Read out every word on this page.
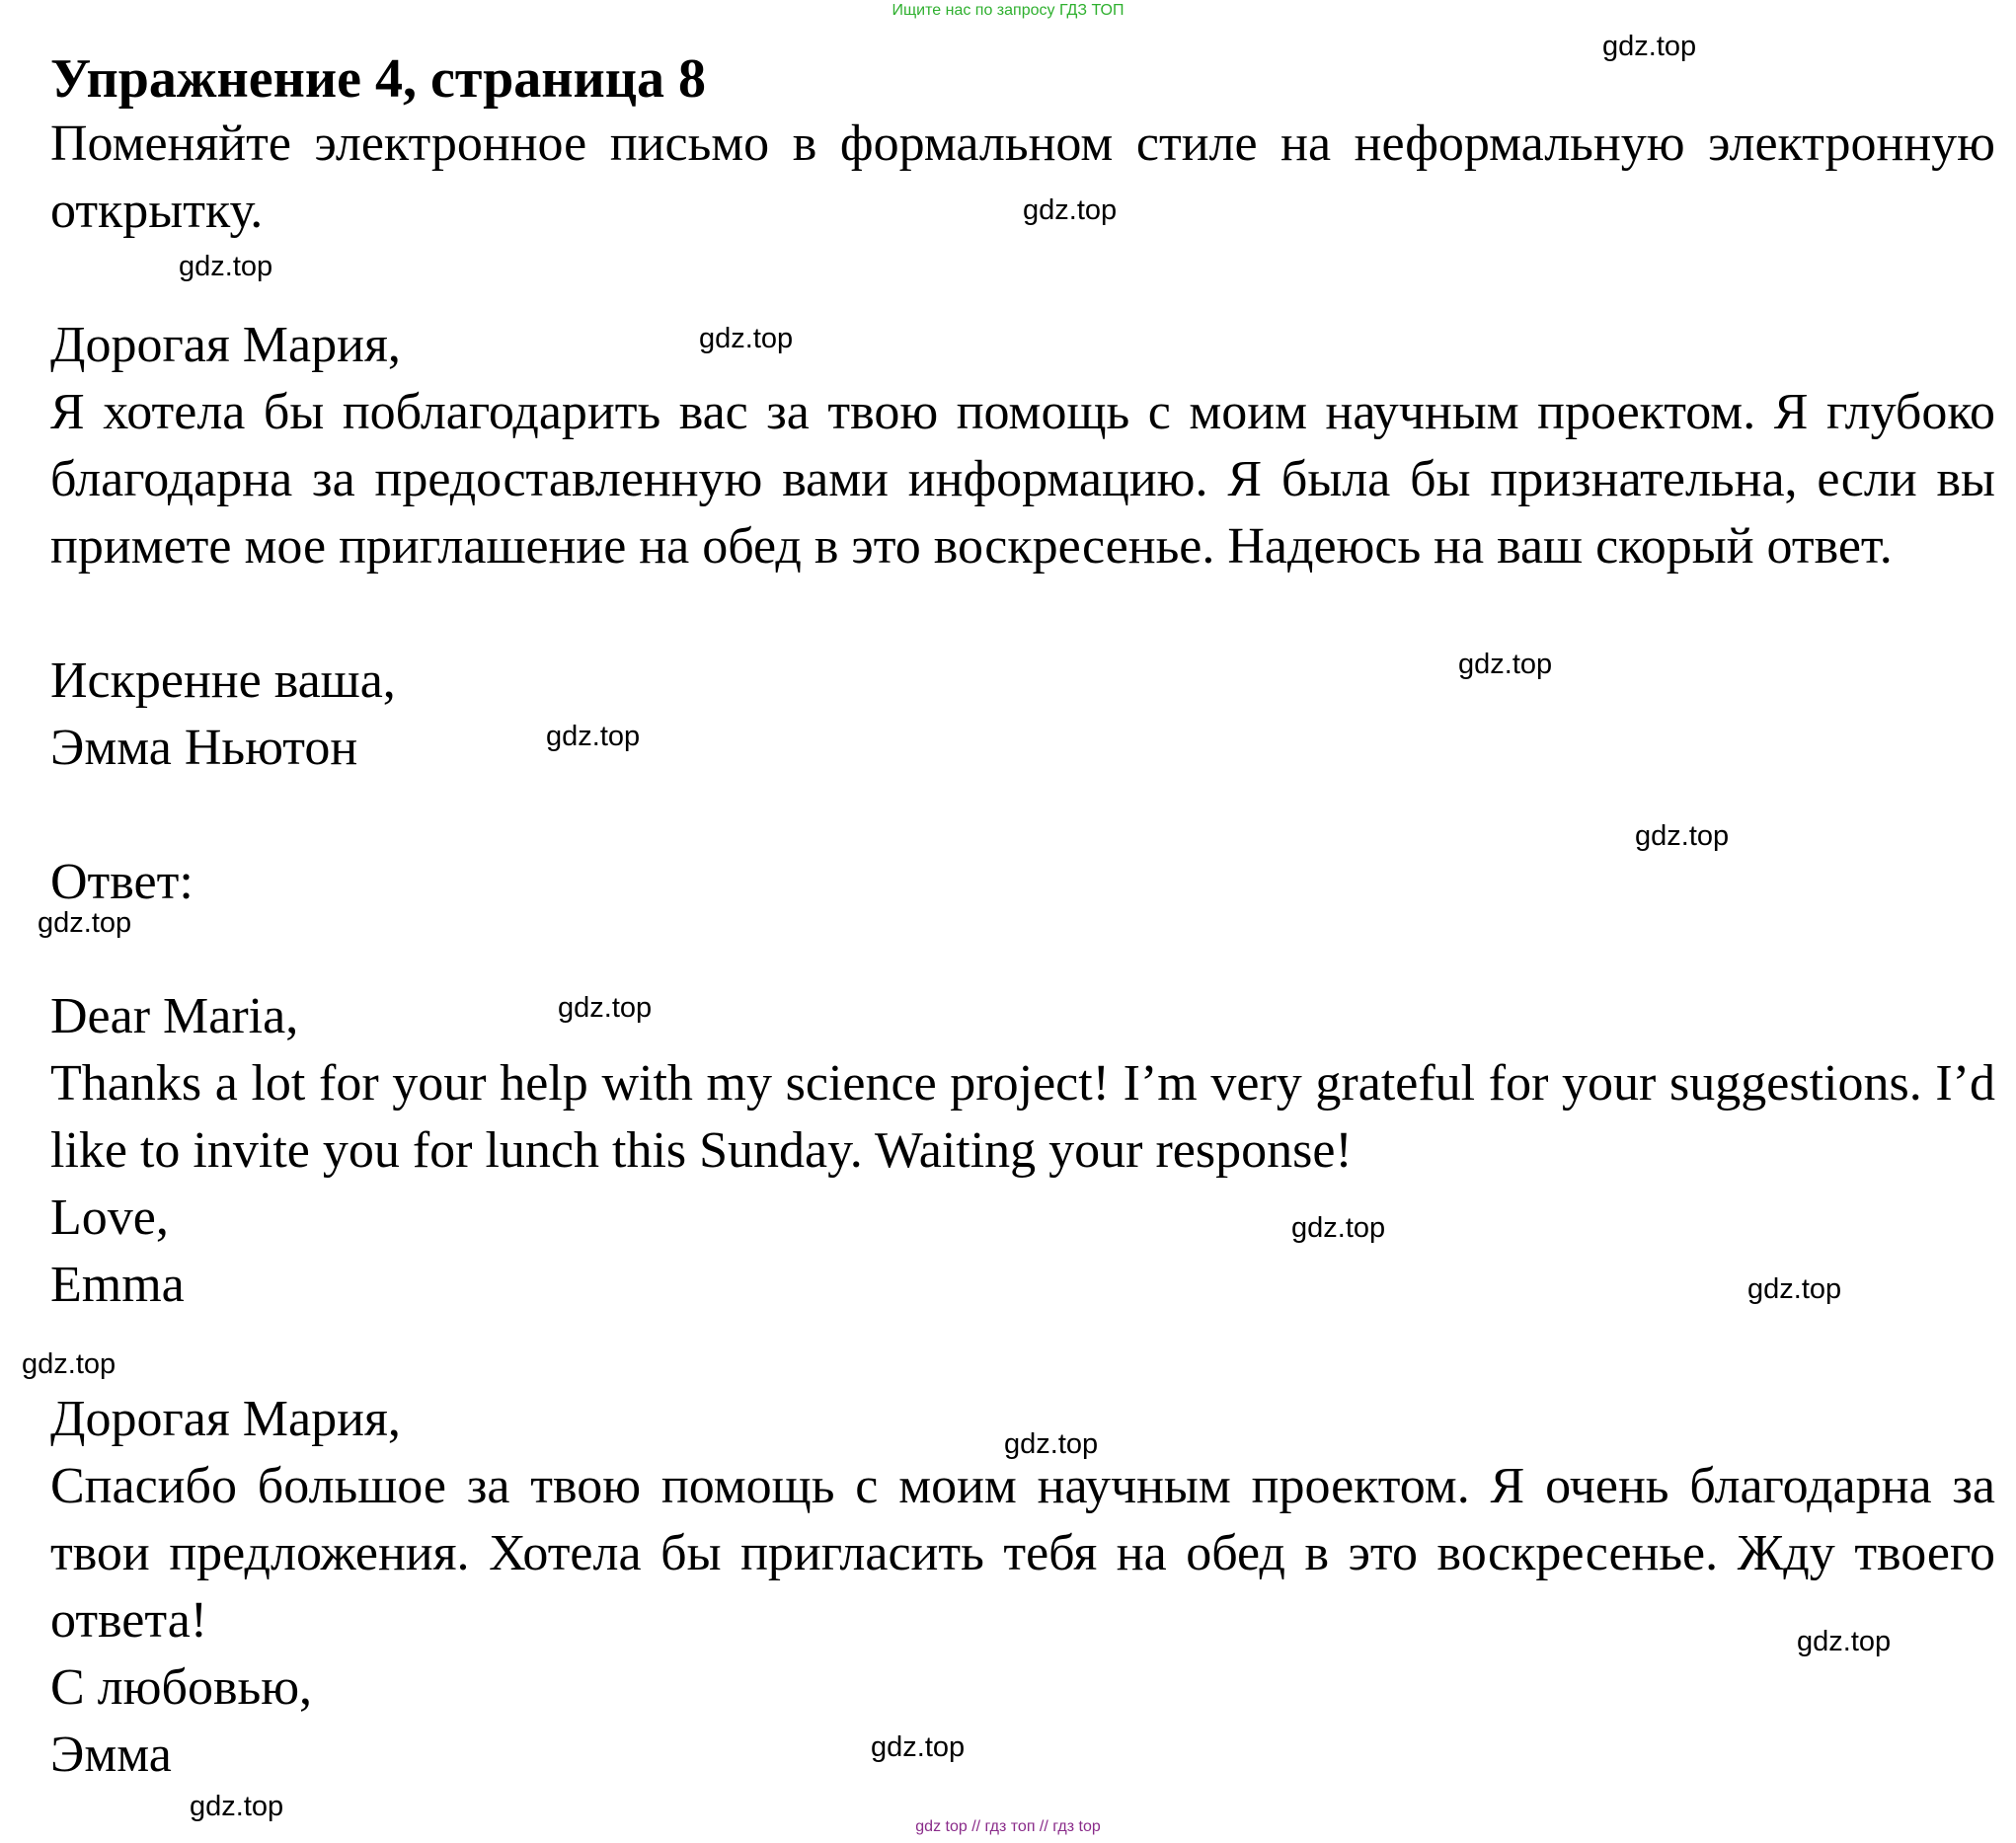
Ищите нас по запросу ГДЗ ТОП
Упражнение 4, страница 8
Поменяйте электронное письмо в формальном стиле на неформальную электронную открытку.
Дорогая Мария,
Я хотела бы поблагодарить вас за твою помощь с моим научным проектом. Я глубоко благодарна за предоставленную вами информацию. Я была бы признательна, если вы примете мое приглашение на обед в это воскресенье. Надеюсь на ваш скорый ответ.
Искренне ваша,
Эмма Ньютон
Ответ:
Dear Maria,
Thanks a lot for your help with my science project! I’m very grateful for your suggestions. I’d like to invite you for lunch this Sunday. Waiting your response!
Love,
Emma
Дорогая Мария,
Спасибо большое за твою помощь с моим научным проектом. Я очень благодарна за твои предложения. Хотела бы пригласить тебя на обед в это воскресенье. Жду твоего ответа!
С любовью,
Эмма
gdz.top
gdz.top
gdz.top
gdz.top
gdz.top
gdz.top
gdz.top
gdz.top
gdz.top
gdz.top
gdz.top
gdz.top
gdz.top
gdz.top
gdz.top
gdz.top
gdz top // гдз топ // гдз top
